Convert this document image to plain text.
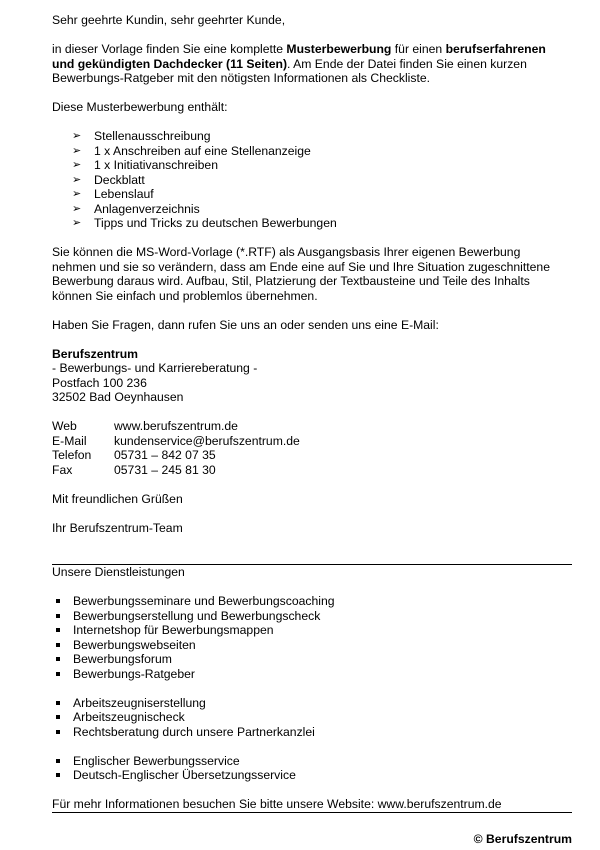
Sehr geehrte Kundin, sehr geehrter Kunde,

in dieser Vorlage finden Sie eine komplette Musterbewerbung für einen berufserfahrenen
und gekündigten Dachdecker (11 Seiten). Am Ende der Datei finden Sie einen kurzen
Bewerbungs-Ratgeber mit den nötigsten Informationen als Checkliste.

Diese Musterbewerbung enthält:

➢ Stellenausschreibung
➢ 1 x Anschreiben auf eine Stellenanzeige
➢ 1 x Initiativanschreiben
➢ Deckblatt
➢ Lebenslauf
➢ Anlagenverzeichnis
➢ Tipps und Tricks zu deutschen Bewerbungen

Sie können die MS-Word-Vorlage (*.RTF) als Ausgangsbasis Ihrer eigenen Bewerbung
nehmen und sie so verändern, dass am Ende eine auf Sie und Ihre Situation zugeschnittene
Bewerbung daraus wird. Aufbau, Stil, Platzierung der Textbausteine und Teile des Inhalts
können Sie einfach und problemlos übernehmen.

Haben Sie Fragen, dann rufen Sie uns an oder senden uns eine E-Mail:

Berufszentrum

- Bewerbungs- und Karriereberatung -

Postfach 100 236

32502 Bad Oeynhausen

Web	www.berufszentrum.de
E-Mail	kundenservice@berufszentrum.de
Telefon	05731 – 842 07 35
Fax	05731 – 245 81 30

Mit freundlichen Grüßen

Ihr Berufszentrum-Team

Unsere Dienstleistungen

Bewerbungsseminare und Bewerbungscoaching
Bewerbungserstellung und Bewerbungscheck
Internetshop für Bewerbungsmappen
Bewerbungswebseiten
Bewerbungsforum
Bewerbungs-Ratgeber
Arbeitszeugniserstellung
Arbeitszeugnischeck
Rechtsberatung durch unsere Partnerkanzlei
Englischer Bewerbungsservice
Deutsch-Englischer Übersetzungsservice

Für mehr Informationen besuchen Sie bitte unsere Website: www.berufszentrum.de

© Berufszentrum
